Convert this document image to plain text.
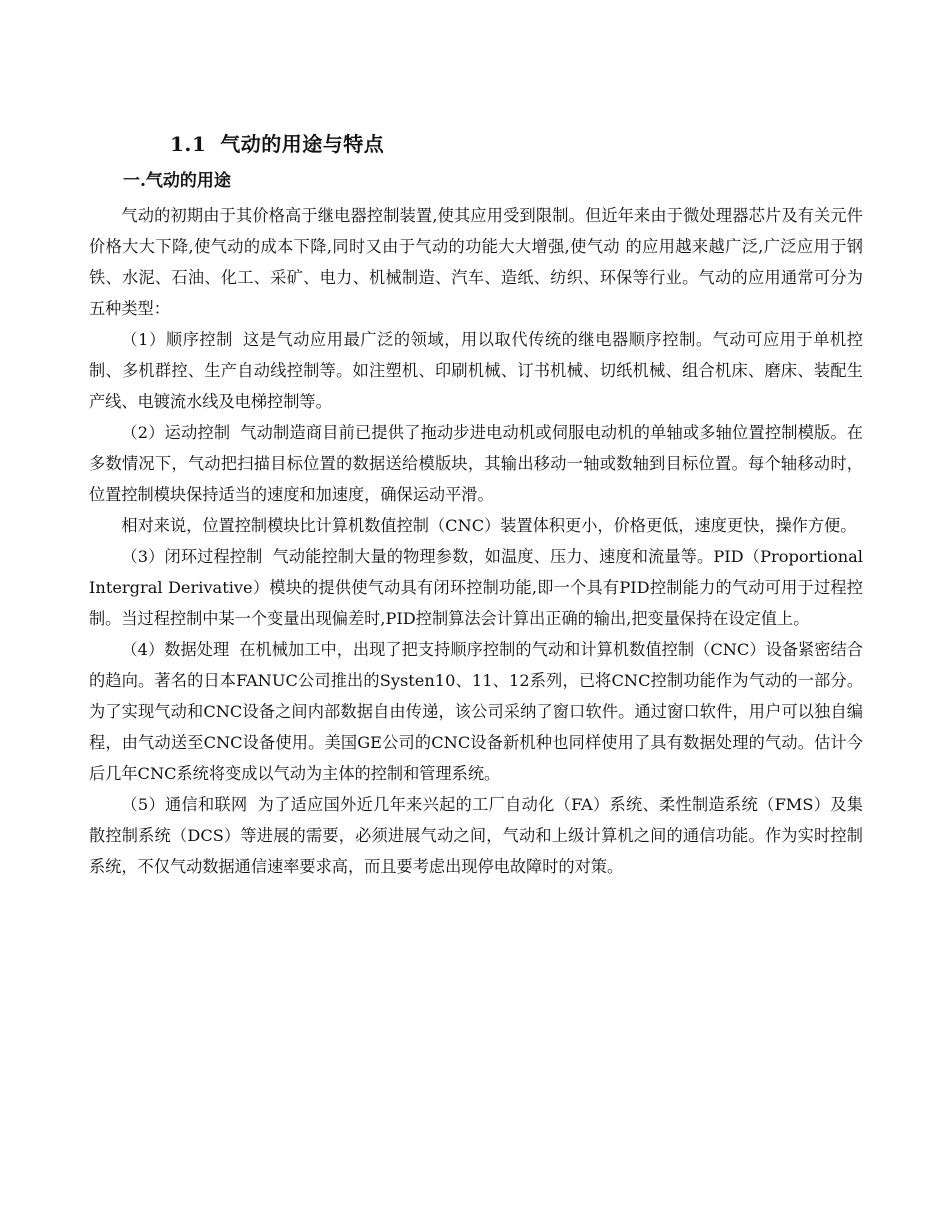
1.1 气动的用途与特点
一.气动的用途

气动的初期由于其价格高于继电器控制装置,使其应用受到限制。但近年来由于微处理器芯片及有关元件价格大大下降,使气动的成本下降,同时又由于气动的功能大大增强,使气动 的应用越来越广泛,广泛应用于钢铁、水泥、石油、化工、采矿、电力、机械制造、汽车、造纸、纺织、环保等行业。气动的应用通常可分为五种类型：

（1）顺序控制 这是气动应用最广泛的领域，用以取代传统的继电器顺序控制。气动可应用于单机控制、多机群控、生产自动线控制等。如注塑机、印刷机械、订书机械、切纸机械、组合机床、磨床、装配生产线、电镀流水线及电梯控制等。

（2）运动控制 气动制造商目前已提供了拖动步进电动机或伺服电动机的单轴或多轴位置控制模版。在多数情况下，气动把扫描目标位置的数据送给模版块，其输出移动一轴或数轴到目标位置。每个轴移动时，位置控制模块保持适当的速度和加速度，确保运动平滑。

相对来说，位置控制模块比计算机数值控制（CNC）装置体积更小，价格更低，速度更快，操作方便。

（3）闭环过程控制 气动能控制大量的物理参数，如温度、压力、速度和流量等。PID（Proportional Intergral Derivative）模块的提供使气动具有闭环控制功能,即一个具有PID控制能力的气动可用于过程控制。当过程控制中某一个变量出现偏差时,PID控制算法会计算出正确的输出,把变量保持在设定值上。

（4）数据处理 在机械加工中，出现了把支持顺序控制的气动和计算机数值控制（CNC）设备紧密结合的趋向。著名的日本FANUC公司推出的Systen10、11、12系列，已将CNC控制功能作为气动的一部分。为了实现气动和CNC设备之间内部数据自由传递，该公司采纳了窗口软件。通过窗口软件，用户可以独自编程，由气动送至CNC设备使用。美国GE公司的CNC设备新机种也同样使用了具有数据处理的气动。估计今后几年CNC系统将变成以气动为主体的控制和管理系统。

（5）通信和联网 为了适应国外近几年来兴起的工厂自动化（FA）系统、柔性制造系统（FMS）及集散控制系统（DCS）等进展的需要，必须进展气动之间，气动和上级计算机之间的通信功能。作为实时控制系统，不仅气动数据通信速率要求高，而且要考虑出现停电故障时的对策。
